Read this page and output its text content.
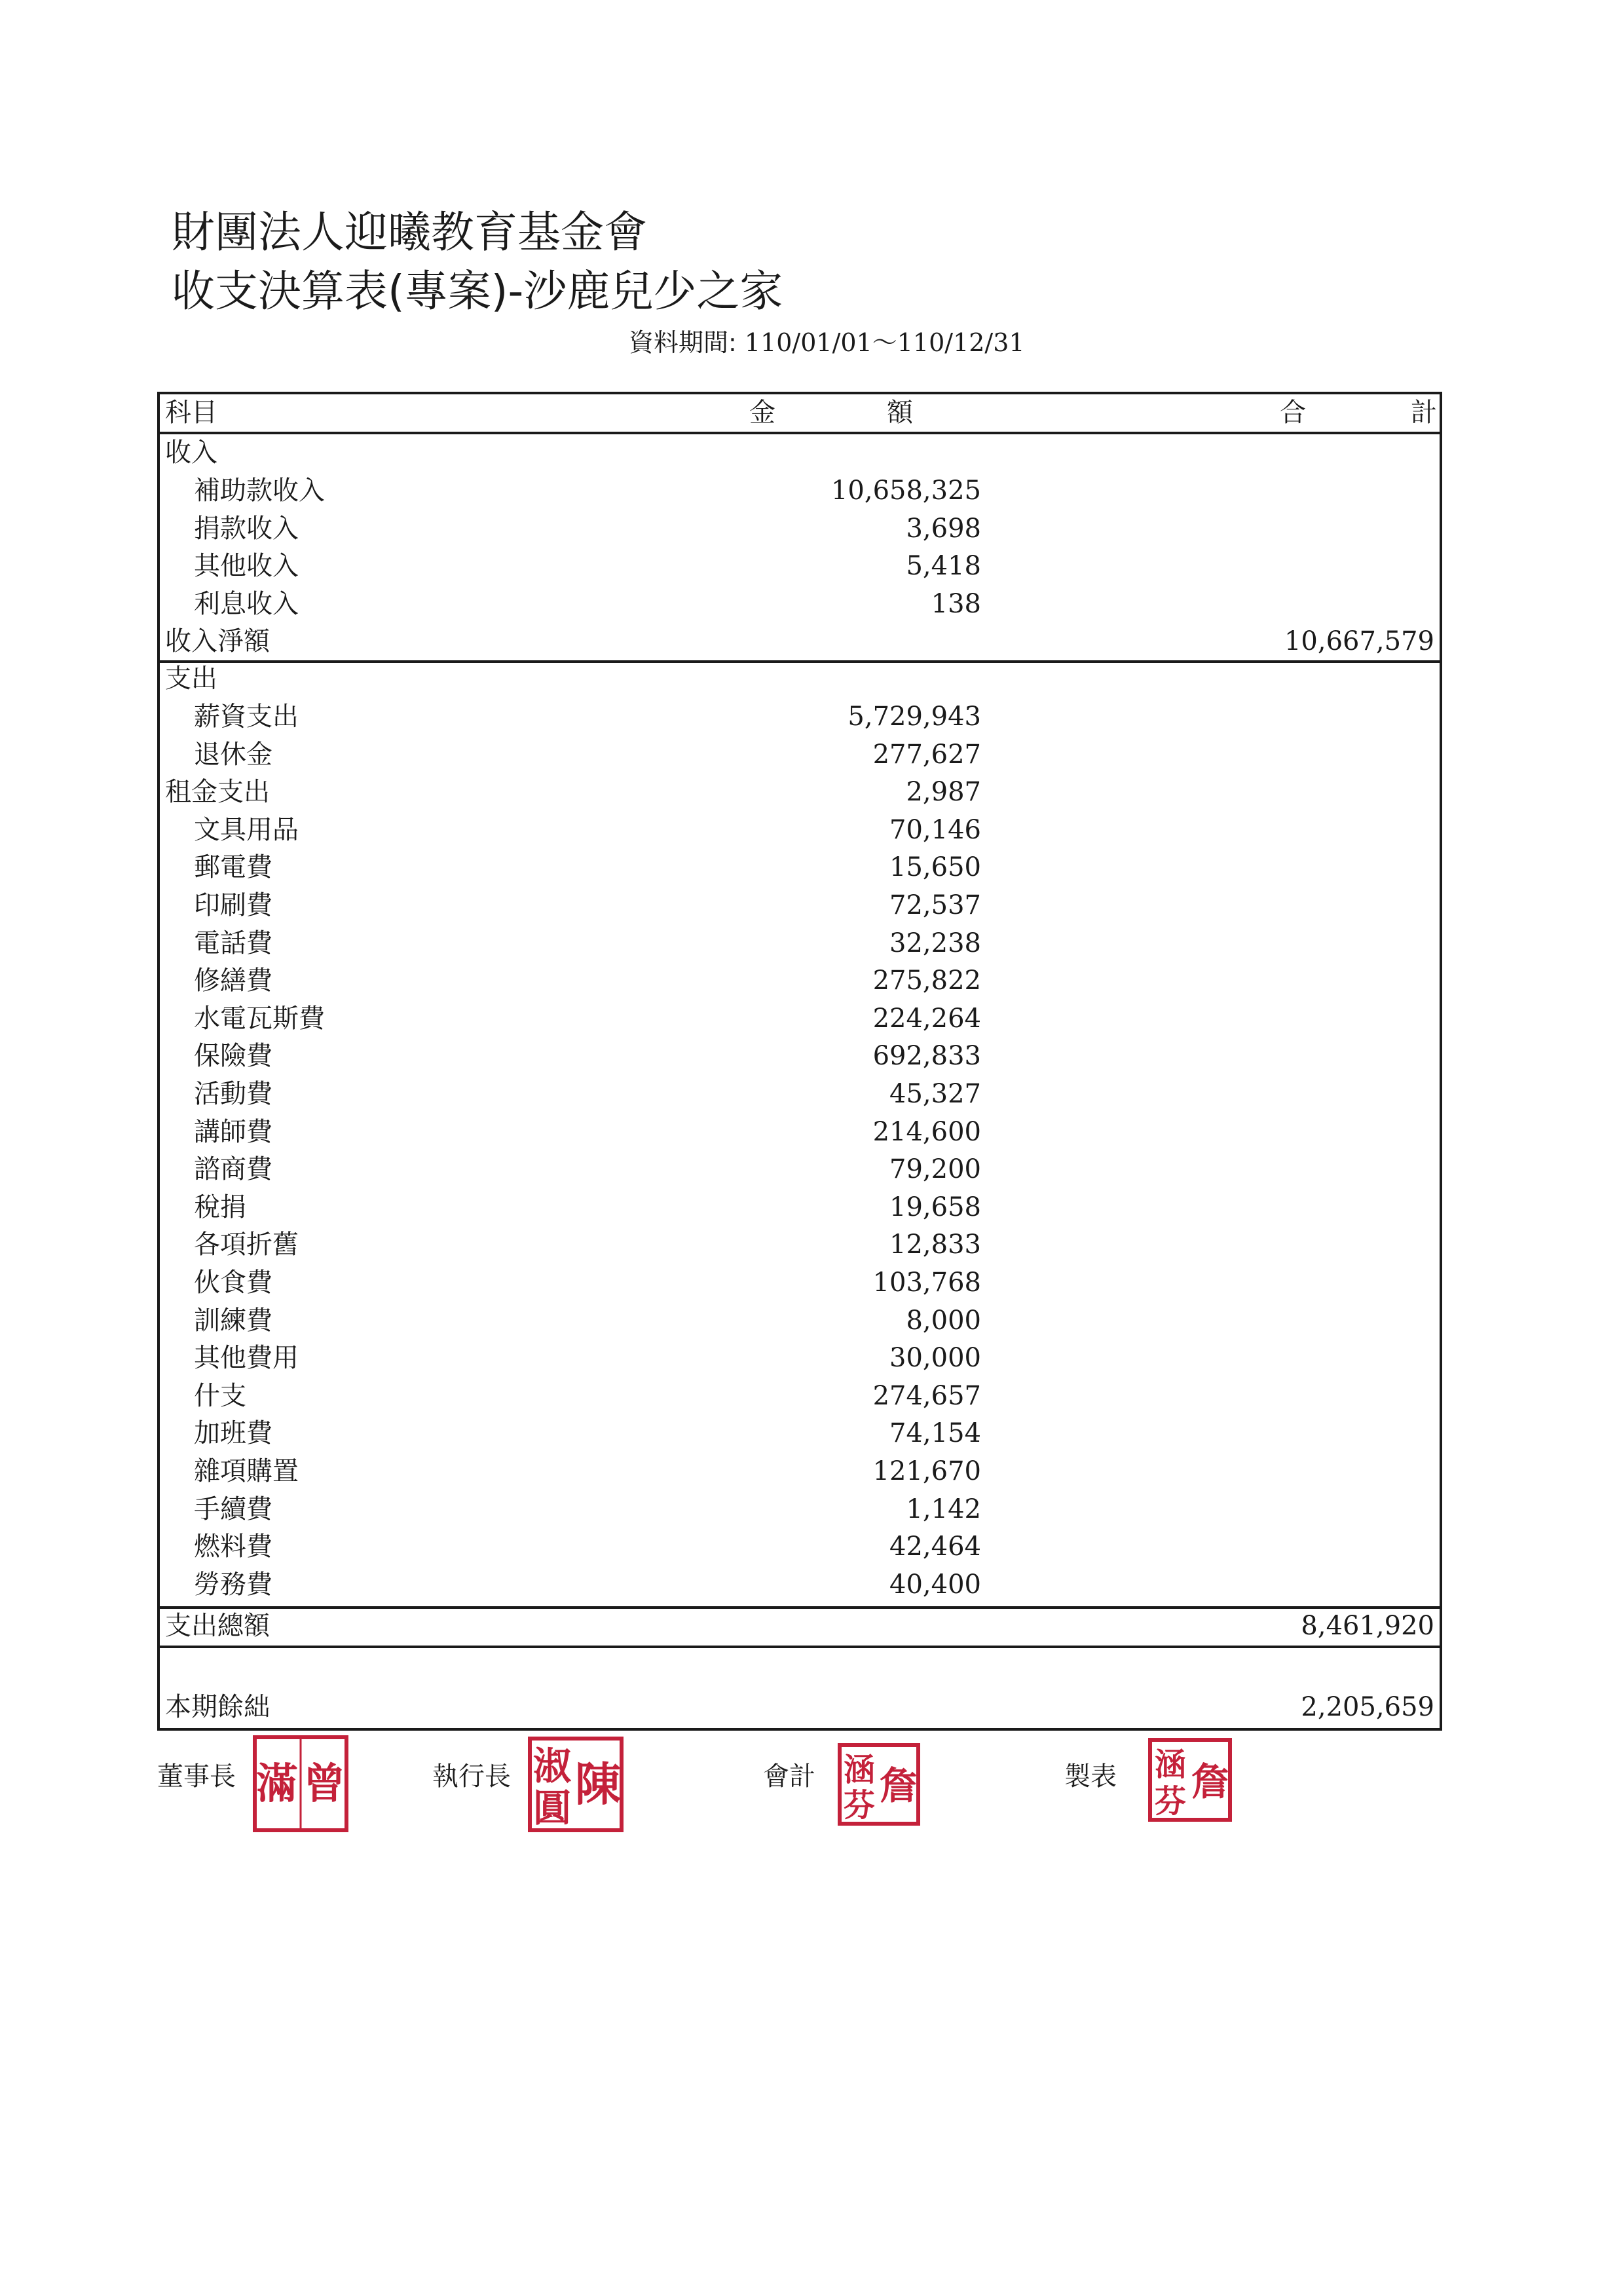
財團法人迎曦教育基金會
收支決算表(專案)-沙鹿兒少之家
資料期間: 110/01/01～110/12/31
科目	金	額	合	計
收入
補助款收入	10,658,325
捐款收入	3,698
其他收入	5,418
利息收入	138
收入淨額	10,667,579
支出
薪資支出	5,729,943
退休金	277,627
租金支出	2,987
文具用品	70,146
郵電費	15,650
印刷費	72,537
電話費	32,238
修繕費	275,822
水電瓦斯費	224,264
保險費	692,833
活動費	45,327
講師費	214,600
諮商費	79,200
稅捐	19,658
各項折舊	12,833
伙食費	103,768
訓練費	8,000
其他費用	30,000
什支	274,657
加班費	74,154
雜項購置	121,670
手續費	1,142
燃料費	42,464
勞務費	40,400
支出總額	8,461,920
本期餘絀	2,205,659
董事長 滿 曾	執行長 淑
圓 陳	會計 涵
芬 詹	製表 涵
芬 詹
